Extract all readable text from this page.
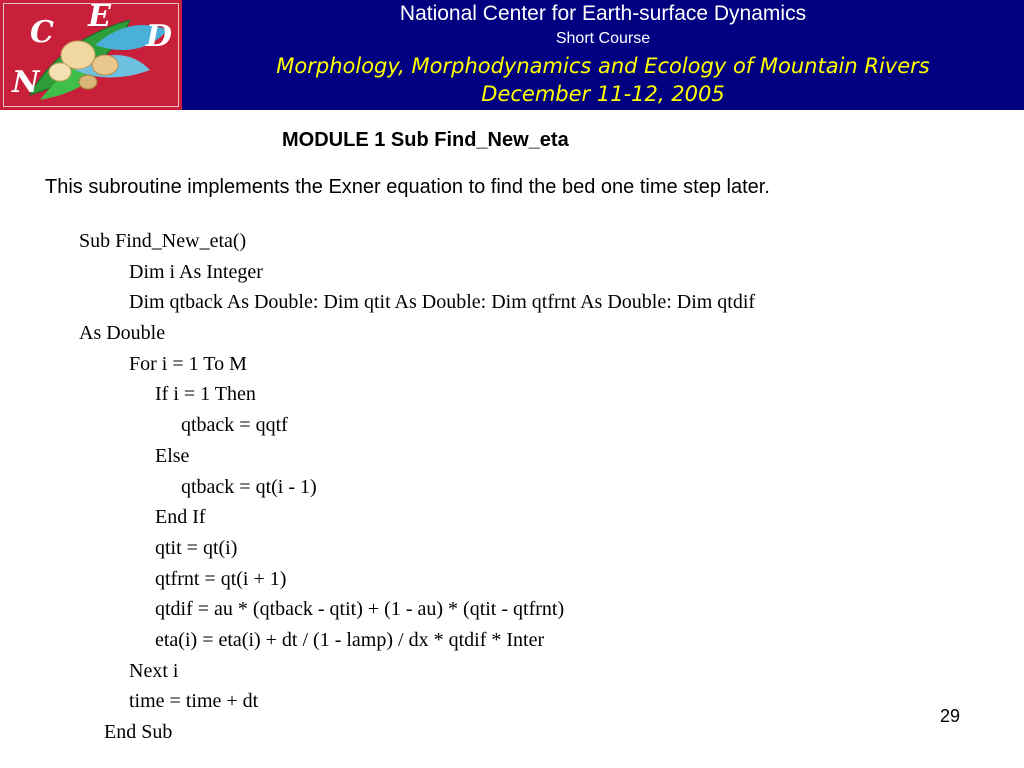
C E
D
N
National Center for Earth-surface Dynamics
Short Course
Morphology, Morphodynamics and Ecology of Mountain Rivers
December 11-12, 2005
MODULE 1 Sub Find_New_eta
This subroutine implements the Exner equation to find the bed one time step later.
Sub Find_New_eta()
Dim i As Integer
Dim qtback As Double: Dim qtit As Double: Dim qtfrnt As Double: Dim qtdif
As Double
For i = 1 To M
If i = 1 Then
qtback = qqtf
Else
qtback = qt(i - 1)
End If
qtit = qt(i)
qtfrnt = qt(i + 1)
qtdif = au * (qtback - qtit) + (1 - au) * (qtit - qtfrnt)
eta(i) = eta(i) + dt / (1 - lamp) / dx * qtdif * Inter
Next i
time = time + dt
End Sub
29
